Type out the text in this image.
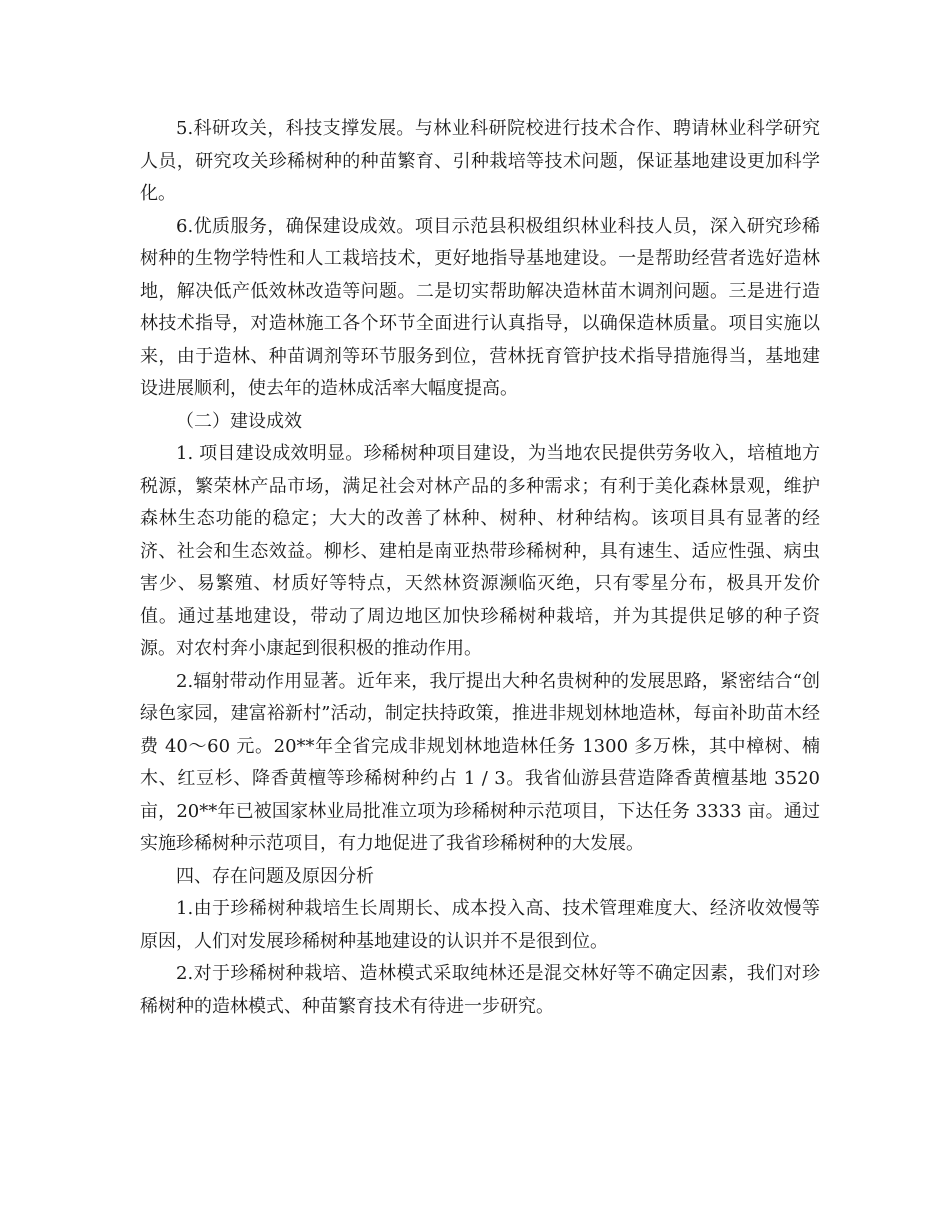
5.科研攻关，科技支撑发展。与林业科研院校进行技术合作、聘请林业科学研究人员，研究攻关珍稀树种的种苗繁育、引种栽培等技术问题，保证基地建设更加科学化。

6.优质服务，确保建设成效。项目示范县积极组织林业科技人员，深入研究珍稀树种的生物学特性和人工栽培技术，更好地指导基地建设。一是帮助经营者选好造林地，解决低产低效林改造等问题。二是切实帮助解决造林苗木调剂问题。三是进行造林技术指导，对造林施工各个环节全面进行认真指导，以确保造林质量。项目实施以来，由于造林、种苗调剂等环节服务到位，营林抚育管护技术指导措施得当，基地建设进展顺利，使去年的造林成活率大幅度提高。

（二）建设成效

1. 项目建设成效明显。珍稀树种项目建设，为当地农民提供劳务收入，培植地方税源，繁荣林产品市场，满足社会对林产品的多种需求；有利于美化森林景观，维护森林生态功能的稳定；大大的改善了林种、树种、材种结构。该项目具有显著的经济、社会和生态效益。柳杉、建柏是南亚热带珍稀树种，具有速生、适应性强、病虫害少、易繁殖、材质好等特点，天然林资源濒临灭绝，只有零星分布，极具开发价值。通过基地建设，带动了周边地区加快珍稀树种栽培，并为其提供足够的种子资源。对农村奔小康起到很积极的推动作用。

2.辐射带动作用显著。近年来，我厅提出大种名贵树种的发展思路，紧密结合“创绿色家园，建富裕新村”活动，制定扶持政策，推进非规划林地造林，每亩补助苗木经费 40～60 元。20**年全省完成非规划林地造林任务 1300 多万株，其中樟树、楠木、红豆杉、降香黄檀等珍稀树种约占 1 / 3。我省仙游县营造降香黄檀基地 3520 亩，20**年已被国家林业局批准立项为珍稀树种示范项目，下达任务 3333 亩。通过实施珍稀树种示范项目，有力地促进了我省珍稀树种的大发展。

四、存在问题及原因分析

1.由于珍稀树种栽培生长周期长、成本投入高、技术管理难度大、经济收效慢等原因，人们对发展珍稀树种基地建设的认识并不是很到位。

2.对于珍稀树种栽培、造林模式采取纯林还是混交林好等不确定因素，我们对珍稀树种的造林模式、种苗繁育技术有待进一步研究。
